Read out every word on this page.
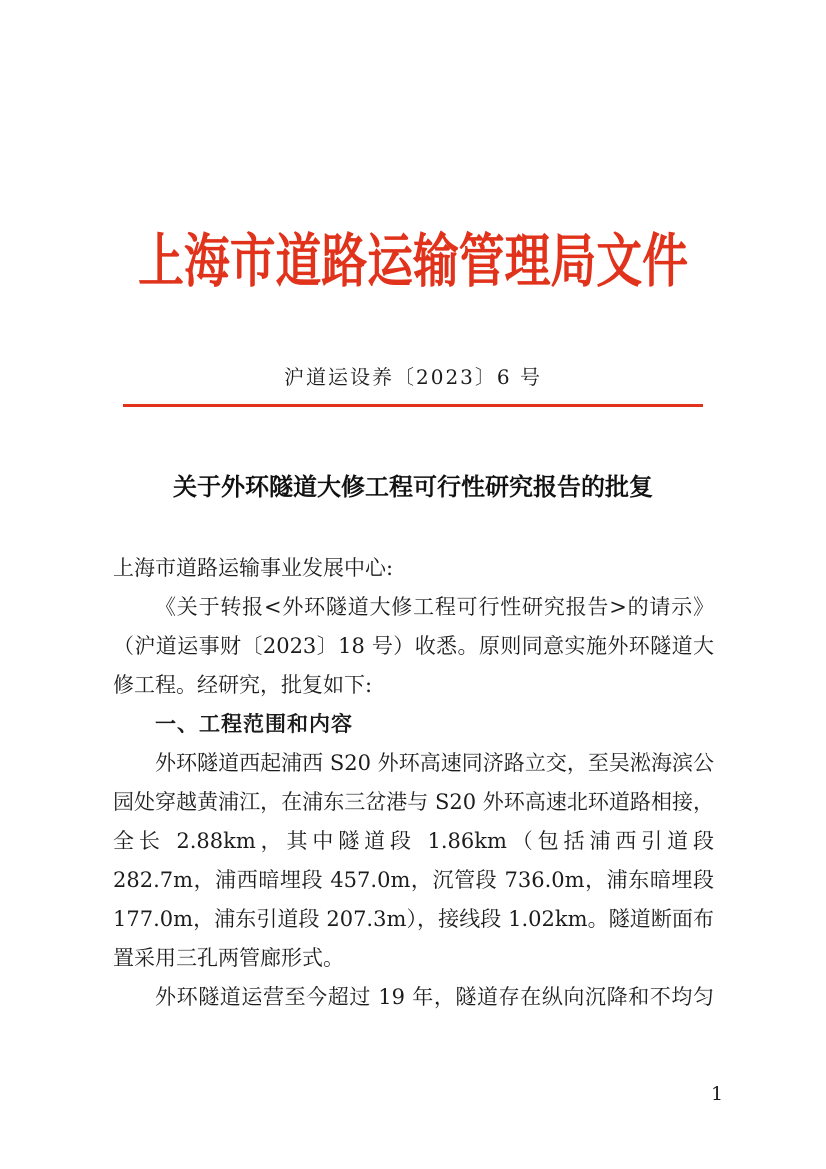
上海市道路运输管理局文件
沪道运设养〔2023〕6 号
关于外环隧道大修工程可行性研究报告的批复

上海市道路运输事业发展中心:

《关于转报<外环隧道大修工程可行性研究报告>的请示》（沪道运事财〔2023〕18 号）收悉。原则同意实施外环隧道大修工程。经研究，批复如下:

一、工程范围和内容

外环隧道西起浦西 S20 外环高速同济路立交，至吴淞海滨公园处穿越黄浦江，在浦东三岔港与 S20 外环高速北环道路相接，全长 2.88km，其中隧道段 1.86km（包括浦西引道段 282.7m，浦西暗埋段 457.0m，沉管段 736.0m，浦东暗埋段 177.0m，浦东引道段 207.3m），接线段 1.02km。隧道断面布置采用三孔两管廊形式。

外环隧道运营至今超过 19 年，隧道存在纵向沉降和不均匀

1
